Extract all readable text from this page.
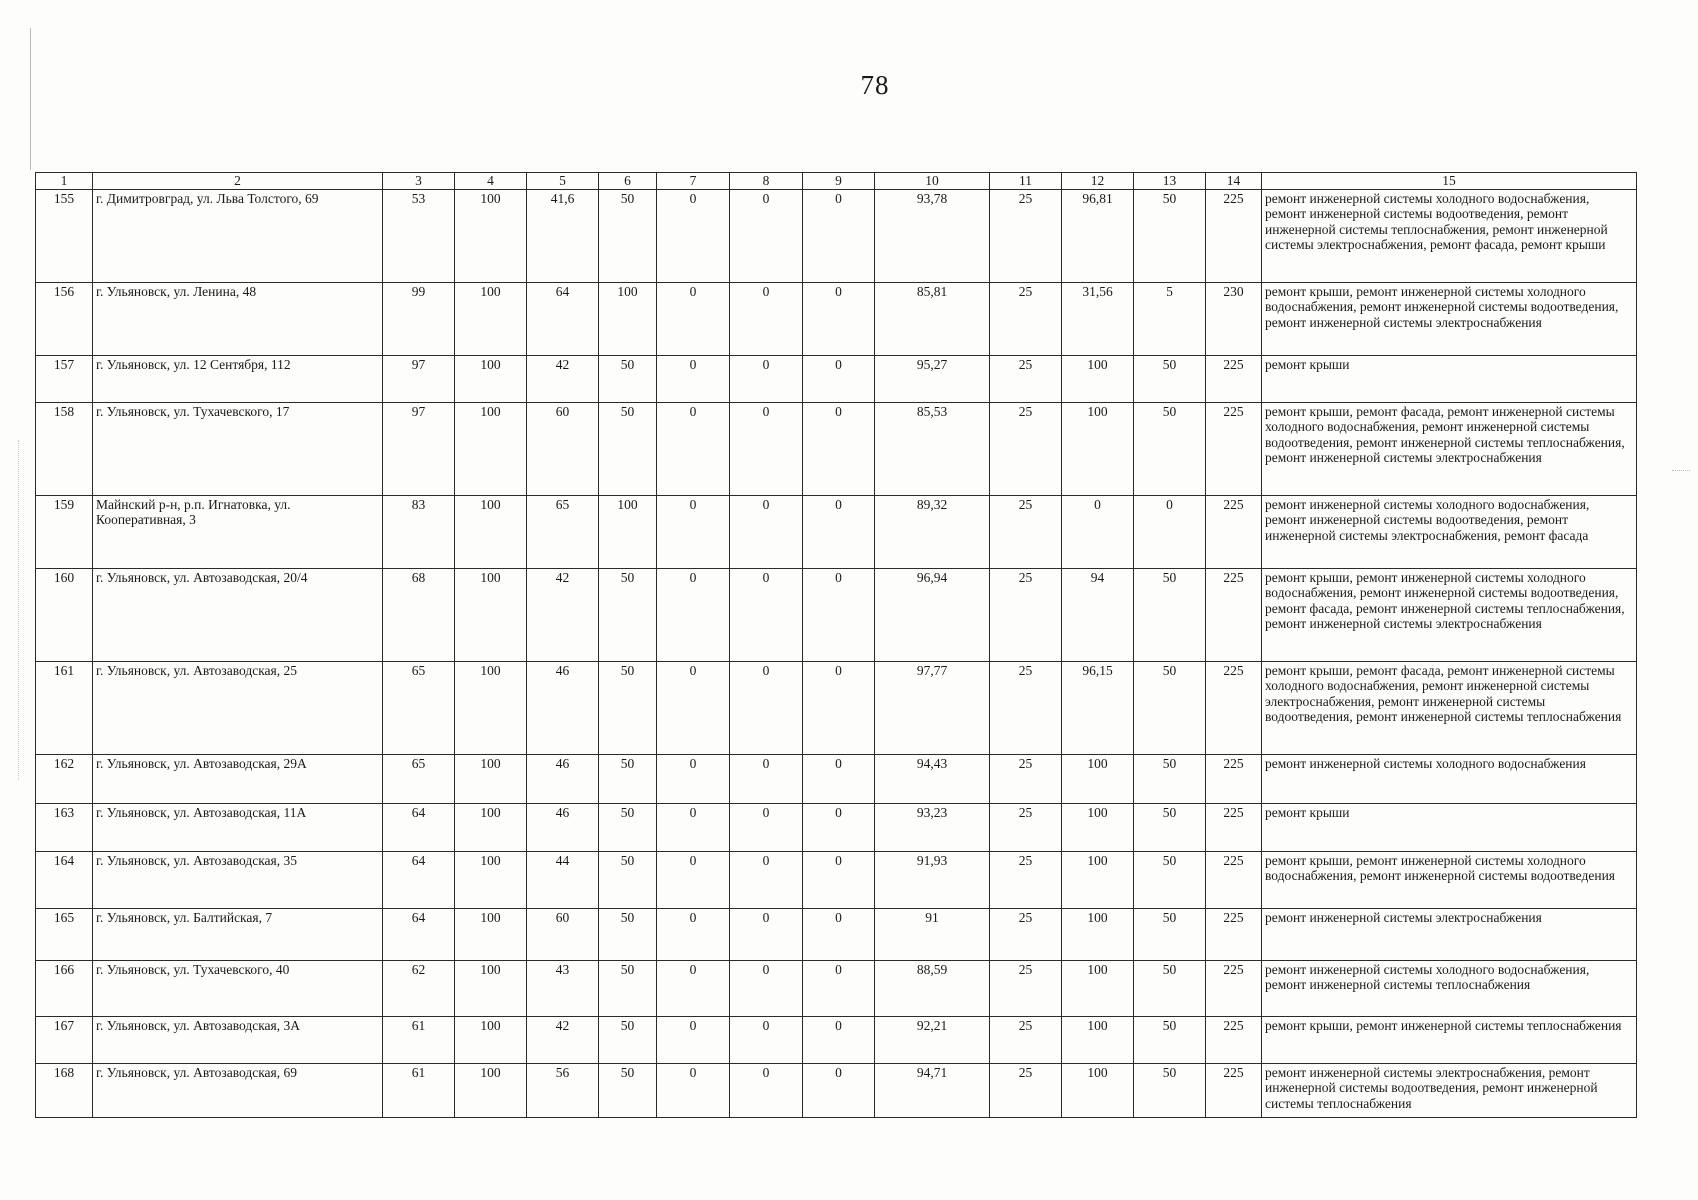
78
1	2	3	4	5	6	7	8	9	10	11	12	13	14	15
155	г. Димитровград, ул. Льва Толстого, 69	53	100	41,6	50	0	0	0	93,78	25	96,81	50	225	ремонт инженерной системы холодного водоснабжения, ремонт инженерной системы водоотведения, ремонт инженерной системы теплоснабжения, ремонт инженерной системы электроснабжения, ремонт фасада, ремонт крыши
156	г. Ульяновск, ул. Ленина, 48	99	100	64	100	0	0	0	85,81	25	31,56	5	230	ремонт крыши, ремонт инженерной системы холодного водоснабжения, ремонт инженерной системы водоотведения, ремонт инженерной системы электроснабжения
157	г. Ульяновск, ул. 12 Сентября, 112	97	100	42	50	0	0	0	95,27	25	100	50	225	ремонт крыши
158	г. Ульяновск, ул. Тухачевского, 17	97	100	60	50	0	0	0	85,53	25	100	50	225	ремонт крыши, ремонт фасада, ремонт инженерной системы холодного водоснабжения, ремонт инженерной системы водоотведения, ремонт инженерной системы теплоснабжения, ремонт инженерной системы электроснабжения
159	Майнский р-н, р.п. Игнатовка, ул. Кооперативная, 3	83	100	65	100	0	0	0	89,32	25	0	0	225	ремонт инженерной системы холодного водоснабжения, ремонт инженерной системы водоотведения, ремонт инженерной системы электроснабжения, ремонт фасада
160	г. Ульяновск, ул. Автозаводская, 20/4	68	100	42	50	0	0	0	96,94	25	94	50	225	ремонт крыши, ремонт инженерной системы холодного водоснабжения, ремонт инженерной системы водоотведения, ремонт фасада, ремонт инженерной системы теплоснабжения, ремонт инженерной системы электроснабжения
161	г. Ульяновск, ул. Автозаводская, 25	65	100	46	50	0	0	0	97,77	25	96,15	50	225	ремонт крыши, ремонт фасада, ремонт инженерной системы холодного водоснабжения, ремонт инженерной системы электроснабжения, ремонт инженерной системы водоотведения, ремонт инженерной системы теплоснабжения
162	г. Ульяновск, ул. Автозаводская, 29А	65	100	46	50	0	0	0	94,43	25	100	50	225	ремонт инженерной системы холодного водоснабжения
163	г. Ульяновск, ул. Автозаводская, 11А	64	100	46	50	0	0	0	93,23	25	100	50	225	ремонт крыши
164	г. Ульяновск, ул. Автозаводская, 35	64	100	44	50	0	0	0	91,93	25	100	50	225	ремонт крыши, ремонт инженерной системы холодного водоснабжения, ремонт инженерной системы водоотведения
165	г. Ульяновск, ул. Балтийская, 7	64	100	60	50	0	0	0	91	25	100	50	225	ремонт инженерной системы электроснабжения
166	г. Ульяновск, ул. Тухачевского, 40	62	100	43	50	0	0	0	88,59	25	100	50	225	ремонт инженерной системы холодного водоснабжения, ремонт инженерной системы теплоснабжения
167	г. Ульяновск, ул. Автозаводская, 3А	61	100	42	50	0	0	0	92,21	25	100	50	225	ремонт крыши, ремонт инженерной системы теплоснабжения
168	г. Ульяновск, ул. Автозаводская, 69	61	100	56	50	0	0	0	94,71	25	100	50	225	ремонт инженерной системы электроснабжения, ремонт инженерной системы водоотведения, ремонт инженерной системы теплоснабжения
